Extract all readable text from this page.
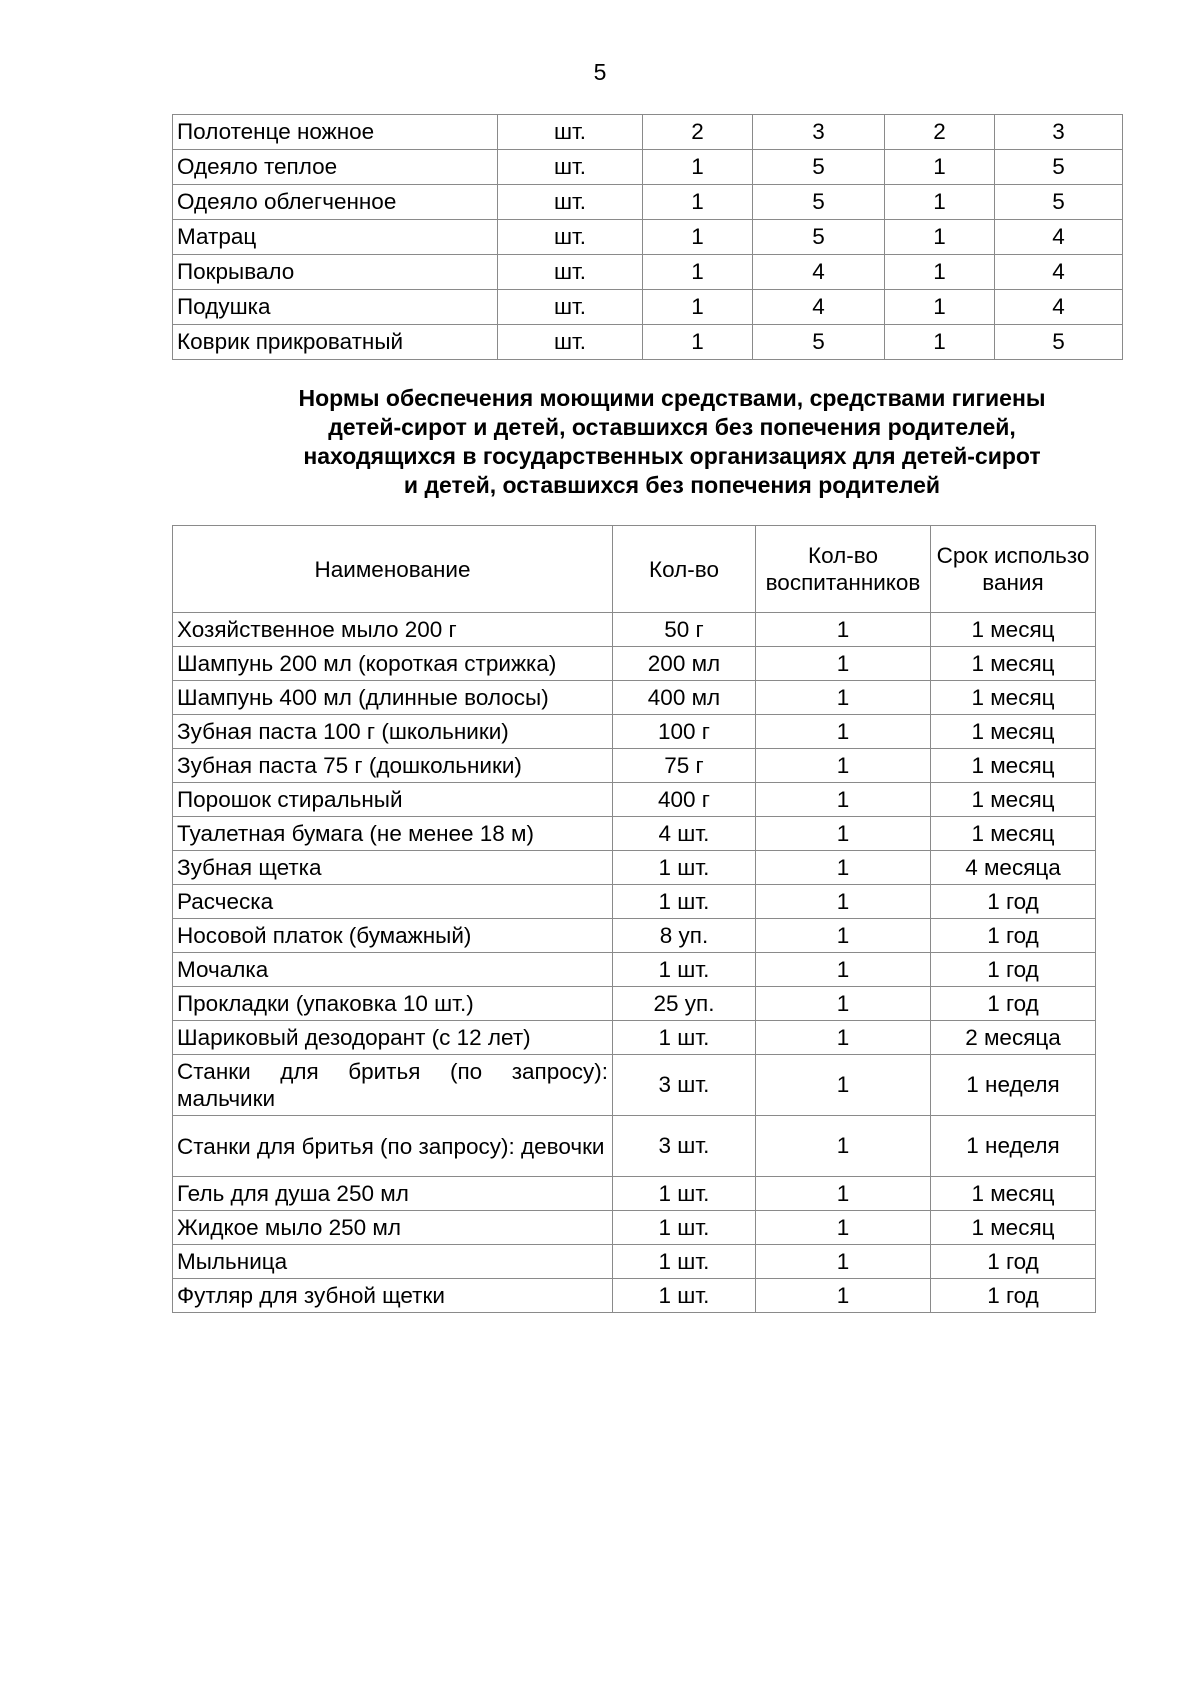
5
Полотенце ножное	шт.	2	3	2	3
Одеяло теплое	шт.	1	5	1	5
Одеяло облегченное	шт.	1	5	1	5
Матрац	шт.	1	5	1	4
Покрывало	шт.	1	4	1	4
Подушка	шт.	1	4	1	4
Коврик прикроватный	шт.	1	5	1	5
Нормы обеспечения моющими средствами, средствами гигиены
детей-сирот и детей, оставшихся без попечения родителей,
находящихся в государственных организациях для детей-сирот
и детей, оставшихся без попечения родителей
Наименование	Кол-во	Кол-во воспитанников	Срок использования
Хозяйственное мыло 200 г	50 г	1	1 месяц
Шампунь 200 мл (короткая стрижка)	200 мл	1	1 месяц
Шампунь 400 мл (длинные волосы)	400 мл	1	1 месяц
Зубная паста 100 г (школьники)	100 г	1	1 месяц
Зубная паста 75 г (дошкольники)	75 г	1	1 месяц
Порошок стиральный	400 г	1	1 месяц
Туалетная бумага (не менее 18 м)	4 шт.	1	1 месяц
Зубная щетка	1 шт.	1	4 месяца
Расческа	1 шт.	1	1 год
Носовой платок (бумажный)	8 уп.	1	1 год
Мочалка	1 шт.	1	1 год
Прокладки (упаковка 10 шт.)	25 уп.	1	1 год
Шариковый дезодорант (с 12 лет)	1 шт.	1	2 месяца
Станки для бритья (по запросу): мальчики	3 шт.	1	1 неделя
Станки для бритья (по запросу): девочки	3 шт.	1	1 неделя
Гель для душа 250 мл	1 шт.	1	1 месяц
Жидкое мыло 250 мл	1 шт.	1	1 месяц
Мыльница	1 шт.	1	1 год
Футляр для зубной щетки	1 шт.	1	1 год
